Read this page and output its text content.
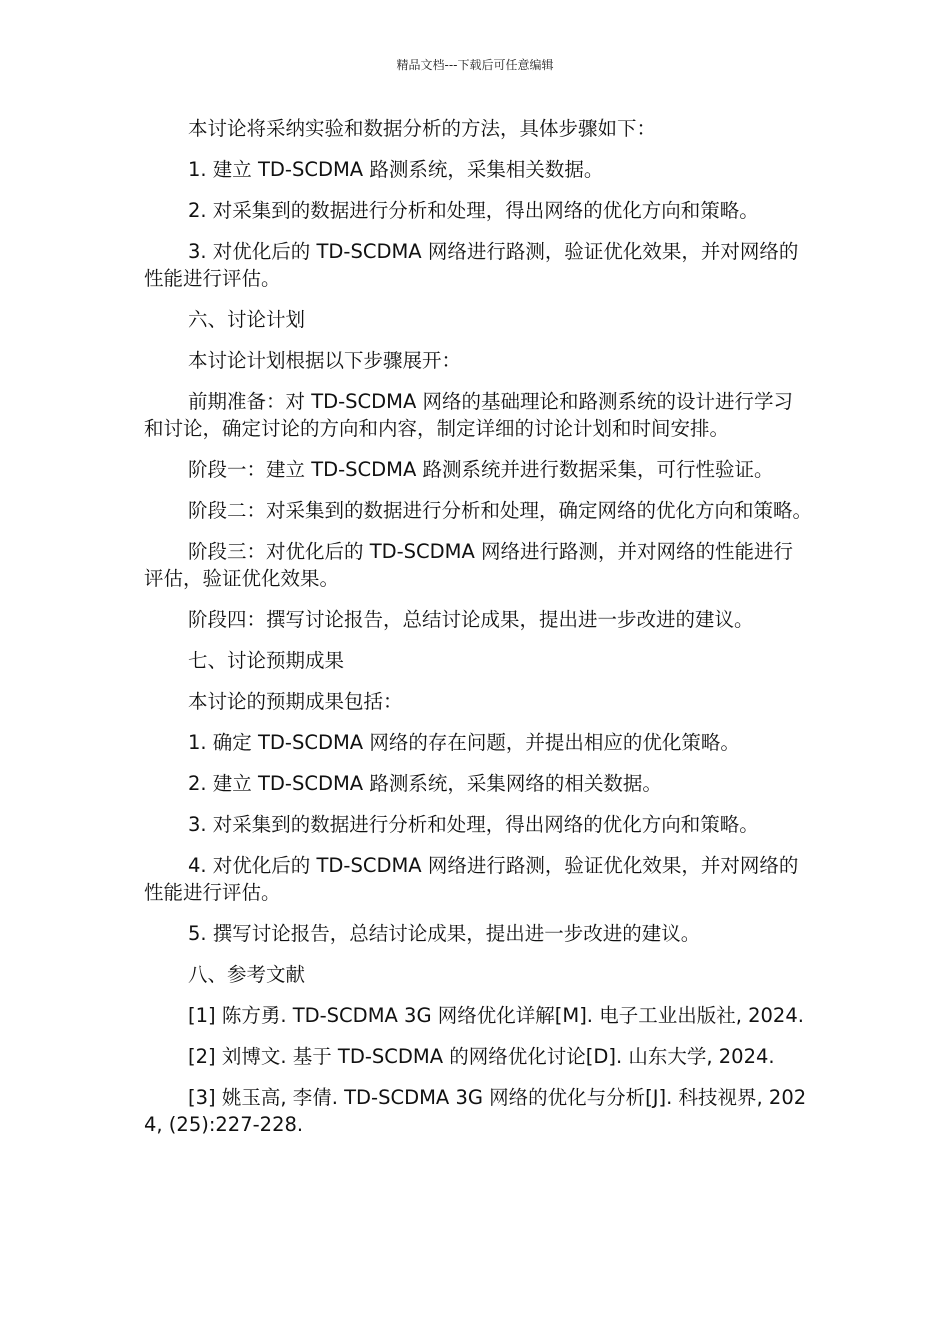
精品文档---下载后可任意编辑

本讨论将采纳实验和数据分析的方法，具体步骤如下：

1. 建立 TD-SCDMA 路测系统，采集相关数据。

2. 对采集到的数据进行分析和处理，得出网络的优化方向和策略。

3. 对优化后的 TD-SCDMA 网络进行路测，验证优化效果，并对网络的性能进行评估。

六、讨论计划

本讨论计划根据以下步骤展开：

前期准备：对 TD-SCDMA 网络的基础理论和路测系统的设计进行学习和讨论，确定讨论的方向和内容，制定详细的讨论计划和时间安排。

阶段一：建立 TD-SCDMA 路测系统并进行数据采集，可行性验证。

阶段二：对采集到的数据进行分析和处理，确定网络的优化方向和策略。

阶段三：对优化后的 TD-SCDMA 网络进行路测，并对网络的性能进行评估，验证优化效果。

阶段四：撰写讨论报告，总结讨论成果，提出进一步改进的建议。

七、讨论预期成果

本讨论的预期成果包括：

1. 确定 TD-SCDMA 网络的存在问题，并提出相应的优化策略。

2. 建立 TD-SCDMA 路测系统，采集网络的相关数据。

3. 对采集到的数据进行分析和处理，得出网络的优化方向和策略。

4. 对优化后的 TD-SCDMA 网络进行路测，验证优化效果，并对网络的性能进行评估。

5. 撰写讨论报告，总结讨论成果，提出进一步改进的建议。

八、参考文献

[1] 陈方勇. TD-SCDMA 3G 网络优化详解[M]. 电子工业出版社, 2024.

[2] 刘博文. 基于 TD-SCDMA 的网络优化讨论[D]. 山东大学, 2024.

[3] 姚玉高, 李倩. TD-SCDMA 3G 网络的优化与分析[J]. 科技视界, 2024, (25):227-228.
